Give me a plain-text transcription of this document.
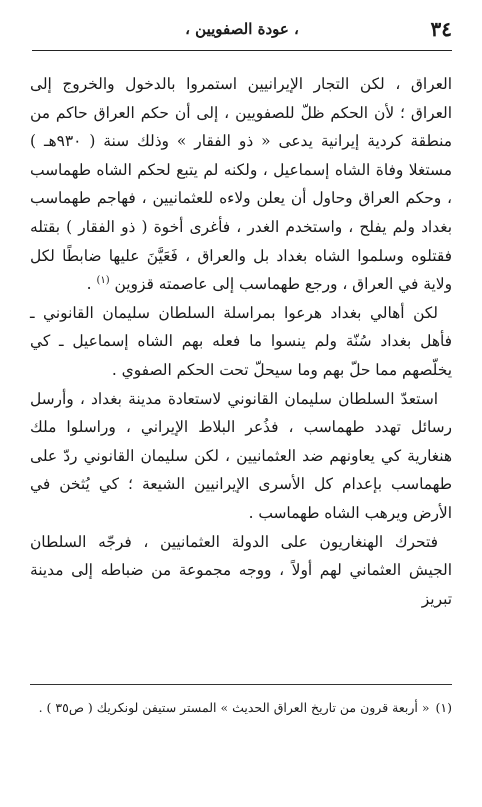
٣٤
، عودة الصفويين ،

العراق ، لكن التجار الإيرانيين استمروا بالدخول والخروج إلى العراق ؛ لأن الحكم ظلّ للصفويين ، إلى أن حكم العراق حاكم من منطقة كردية إيرانية يدعى « ذو الفقار » وذلك سنة ( ٩٣٠هـ ) مستغلا وفاة الشاه إسماعيل ، ولكنه لم يتبع لحكم الشاه طهماسب ، وحكم العراق وحاول أن يعلن ولاءه للعثمانيين ، فهاجم طهماسب بغداد ولم يفلح ، واستخدم الغدر ، فأغرى أخوة ( ذو الفقار ) بقتله فقتلوه وسلموا الشاه بغداد بل والعراق ، فَعَيَّنَ عليها ضابطًا لكل ولاية في العراق ، ورجع طهماسب إلى عاصمته قزوين $^{(١)}$ .

لكن أهالي بغداد هرعوا بمراسلة السلطان سليمان القانوني ـ فأهل بغداد سُنّة ولم ينسوا ما فعله بهم الشاه إسماعيل ـ كي يخلّصهم مما حلّ بهم وما سيحلّ تحت الحكم الصفوي .

استعدّ السلطان سليمان القانوني لاستعادة مدينة بغداد ، وأرسل رسائل تهدد طهماسب ، فذُعر البلاط الإيراني ، وراسلوا ملك هنغارية كي يعاونهم ضد العثمانيين ، لكن سليمان القانوني ردّ على طهماسب بإعدام كل الأسرى الإيرانيين الشيعة ؛ كي يُثخن في الأرض ويرهب الشاه طهماسب .

فتحرك الهنغاريون على الدولة العثمانيين ، فرجّه السلطان الجيش العثماني لهم أولاً ، ووجه مجموعة من ضباطه إلى مدينة تبريز

(١)« أربعة قرون من تاريخ العراق الحديث » المستر ستيفن لونكريك ( ص٣٥ ) .
